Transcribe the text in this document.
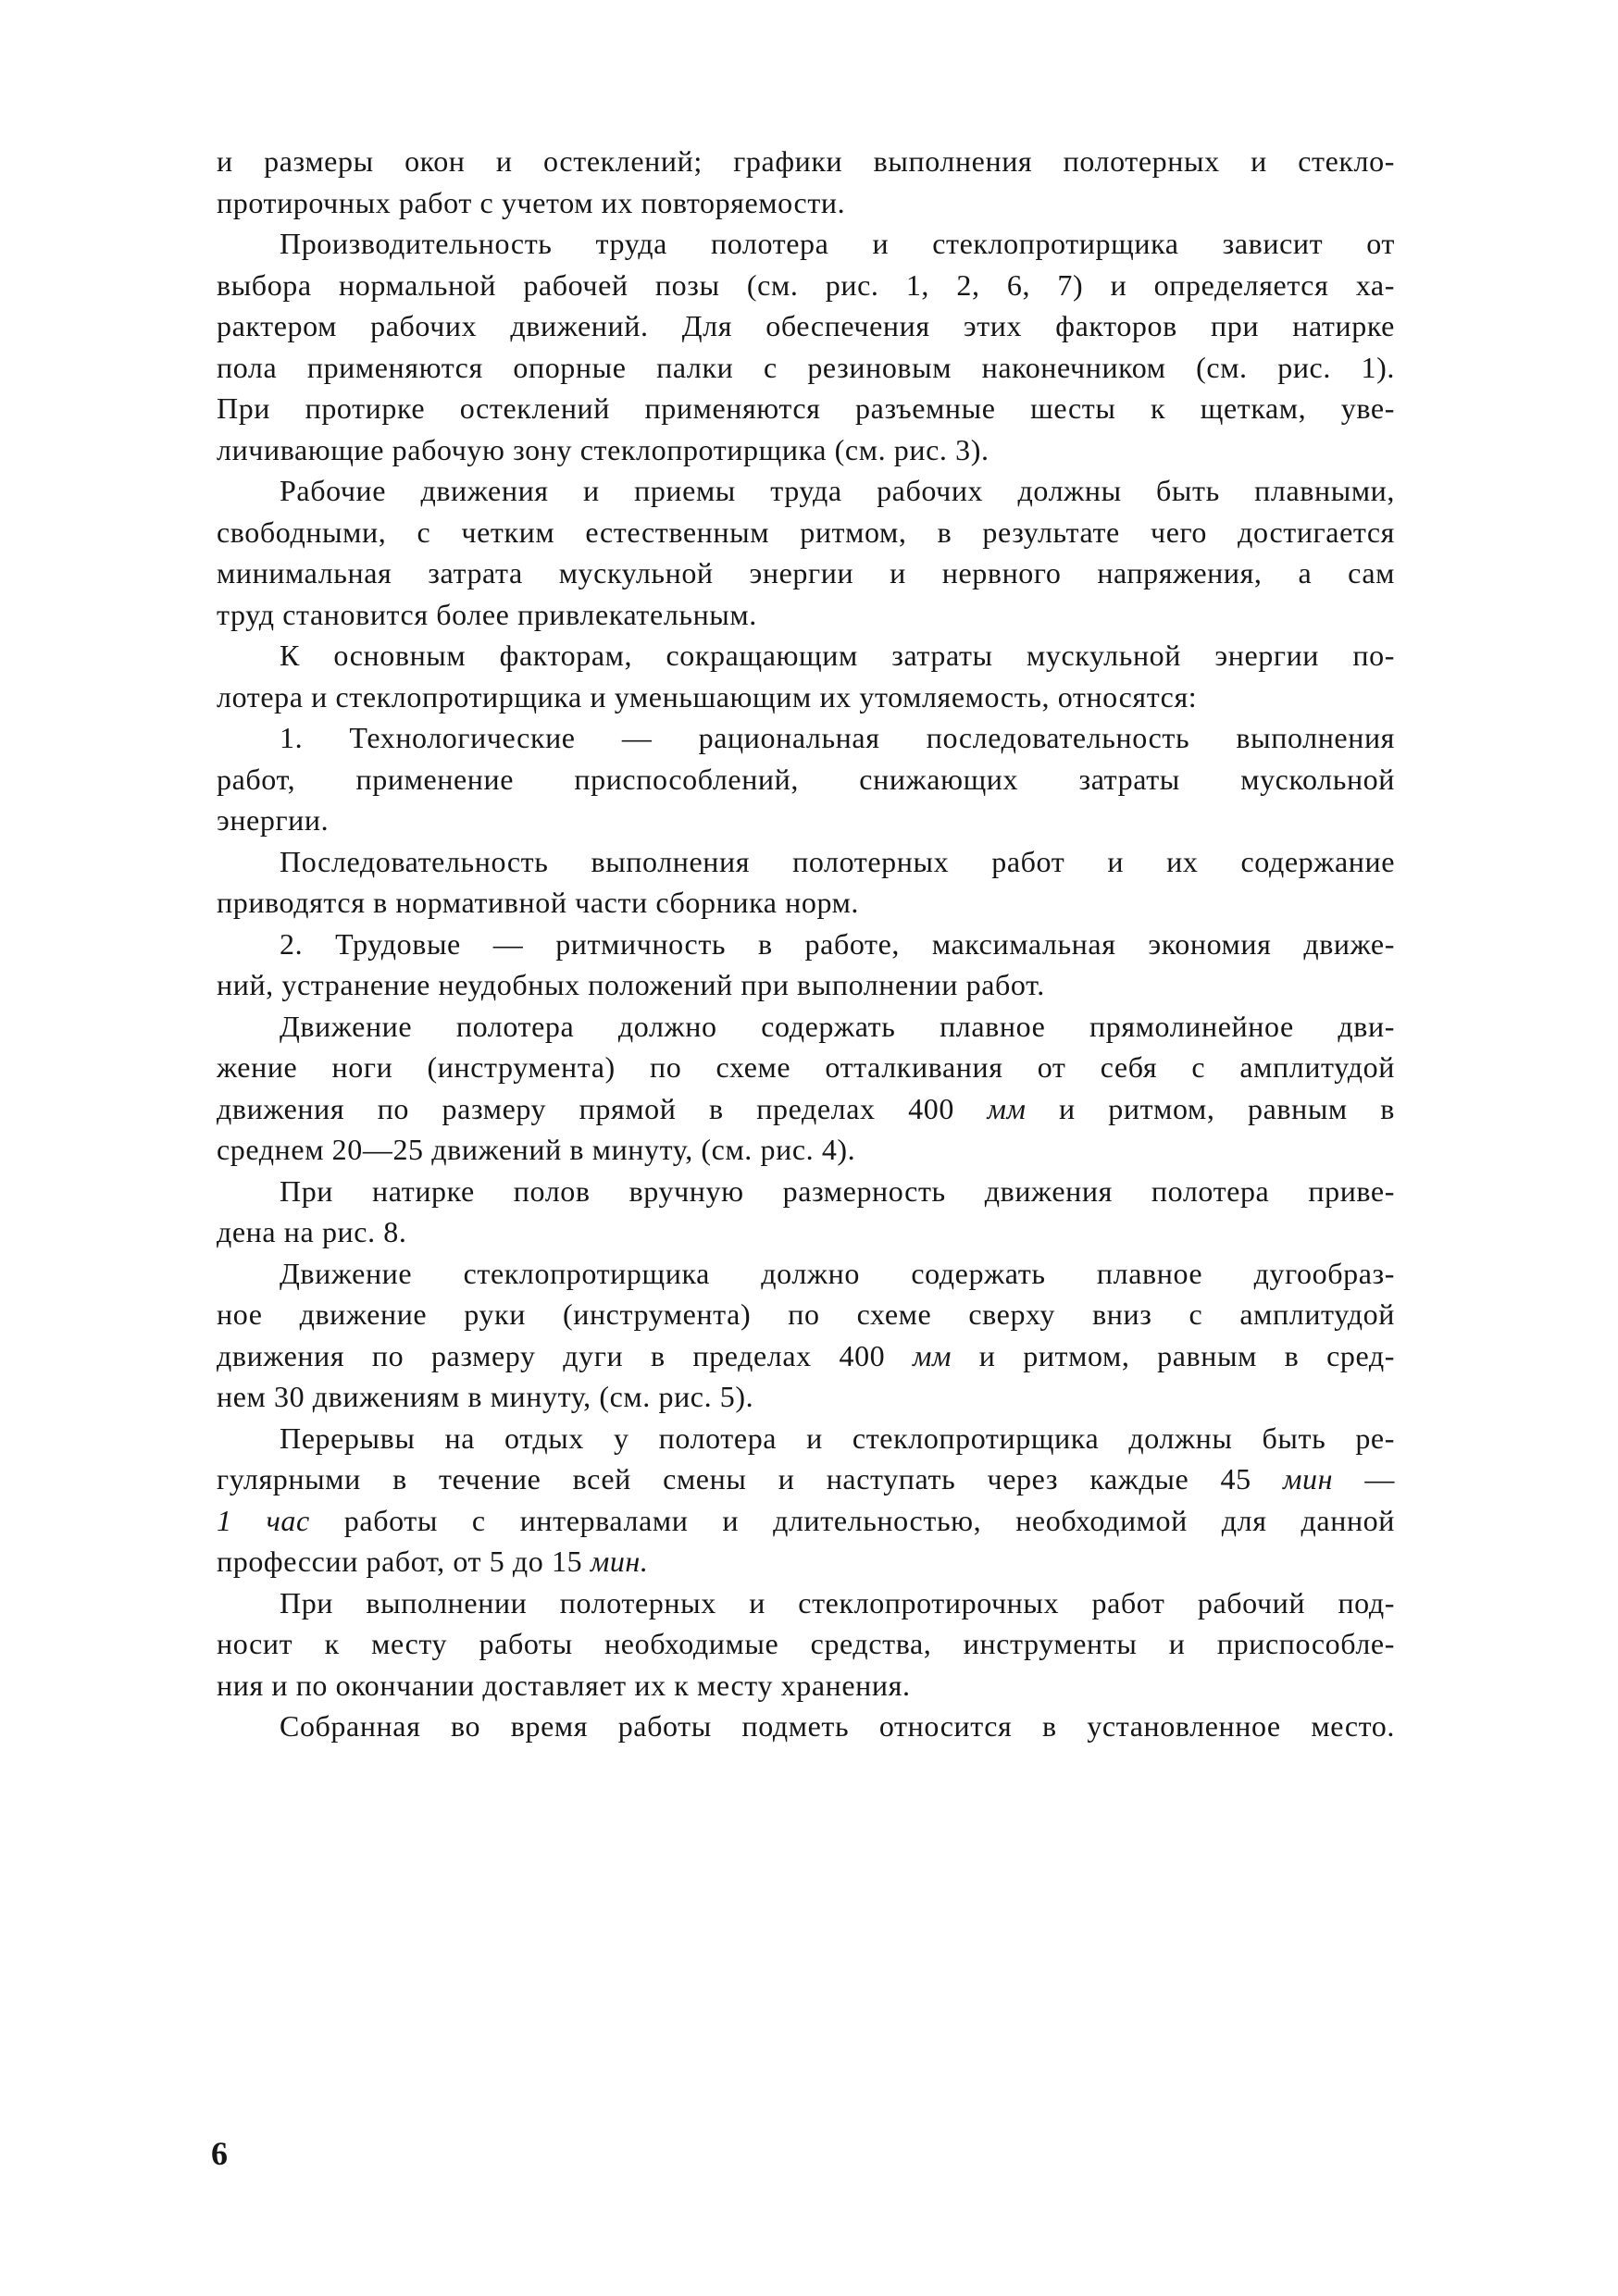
и размеры окон и остеклений; графики выполнения полотерных и стекло-
протирочных работ с учетом их повторяемости.
Производительность труда полотера и стеклопротирщика зависит от
выбора нормальной рабочей позы (см. рис. 1, 2, 6, 7) и определяется ха-
рактером рабочих движений. Для обеспечения этих факторов при натирке
пола применяются опорные палки с резиновым наконечником (см. рис. 1).
При протирке остеклений применяются разъемные шесты к щеткам, уве-
личивающие рабочую зону стеклопротирщика (см. рис. 3).
Рабочие движения и приемы труда рабочих должны быть плавными,
свободными, с четким естественным ритмом, в результате чего достигается
минимальная затрата мускульной энергии и нервного напряжения, а сам
труд становится более привлекательным.
К основным факторам, сокращающим затраты мускульной энергии по-
лотера и стеклопротирщика и уменьшающим их утомляемость, относятся:
1. Технологические — рациональная последовательность выполнения
работ, применение приспособлений, снижающих затраты мускольной
энергии.
Последовательность выполнения полотерных работ и их содержание
приводятся в нормативной части сборника норм.
2. Трудовые — ритмичность в работе, максимальная экономия движе-
ний, устранение неудобных положений при выполнении работ.
Движение полотера должно содержать плавное прямолинейное дви-
жение ноги (инструмента) по схеме отталкивания от себя с амплитудой
движения по размеру прямой в пределах 400 мм и ритмом, равным в
среднем 20—25 движений в минуту, (см. рис. 4).
При натирке полов вручную размерность движения полотера приве-
дена на рис. 8.
Движение стеклопротирщика должно содержать плавное дугообраз-
ное движение руки (инструмента) по схеме сверху вниз с амплитудой
движения по размеру дуги в пределах 400 мм и ритмом, равным в сред-
нем 30 движениям в минуту, (см. рис. 5).
Перерывы на отдых у полотера и стеклопротирщика должны быть ре-
гулярными в течение всей смены и наступать через каждые 45 мин —
1 час работы с интервалами и длительностью, необходимой для данной
профессии работ, от 5 до 15 мин.
При выполнении полотерных и стеклопротирочных работ рабочий под-
носит к месту работы необходимые средства, инструменты и приспособле-
ния и по окончании доставляет их к месту хранения.
Собранная во время работы подметь относится в установленное место.
6
